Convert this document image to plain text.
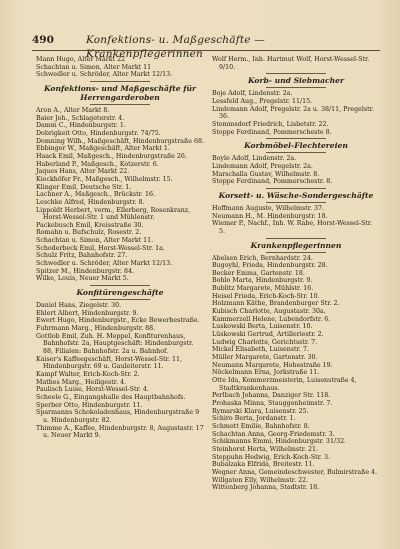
490	Konfektions- u. Maßgeschäfte — Krankenpflegerinnen
Mann Hugo, Alter Markt 22
Schachtan u. Simon, Alter Markt 11
Schwedler u. Schröder, Alter Markt 12/13.
Konfektions- und Maßgeschäfte für Herrengarderoben
Aron A., Alter Markt 8.
Baier Joh., Schlageterstr. 4.
Damm C., Hindenburgstr. 1.
Dobrigkeit Otto, Hindenburgstr. 74/75.
Domning Wilh., Maßgeschäft, Hindenburgstraße 68.
Ebbinger W., Maßgeschäft, Alter Markt 1.
Haack Emil, Maßgesch., Hindenburgstraße 26.
Haberland P., Maßgesch., Kotzerstr. 6.
Jaques Hans, Alter Markt 22.
Kieckhöfer Fr., Maßgesch., Wilhelmstr. 15.
Klinger Emil, Deutsche Str. 1.
Lachner A., Maßgesch., Brückstr. 16.
Leschke Alfred, Hindenburgstr. 8.
Lippoldt Herbert, verm., Ellerberg, Rosenkranz, Horst-Wessel-Str. 1 und Mühlenstr.
Packebusch Emil, Kreisstraße 30.
Romahn u. Bufschulz, Rosestr. 2.
Schachtan u. Simon, Alter Markt 11.
Schoderbeck Emil, Horst-Wessel-Str. 1a.
Schulz Fritz, Bahnhofstr. 27.
Schwedler u. Schröder, Alter Markt 12/13.
Spitzer M., Hindenburgstr. 84.
Wilke, Louis, Neuer Markt 5.
Konfitürengeschäfte
Daniel Hans, Ziegelstr. 30.
Ehlert Albert, Hindenburgstr. 9.
Ewert Hugo, Hindenburgstr., Ecke Bewerbestraße.
Fuhrmann Marg., Hindenburgstr. 88.
Gottlob Emil, Zuh. H. Meppel, Konfiturenhaus, Bahnhofstr. 2a, Hauptgeschäft: Hindenburgstr. 88, Filialen: Bahnhofstr. 2a u. Bahnhof.
Kaiser's Kaffeegeschäft, Horst-Wessel-Str. 11, Hindenburgstr. 69 u. Gauleiterstr. 11.
Kampf Walter, Erich-Koch-Str. 2.
Mathes Marg., Heiligestr. 4.
Paulisch Luise, Horst-Wessel-Str. 4.
Scheele G., Eingangshalle des Hauptbahnhofs.
Sperber Otto, Hindenburgstr. 11.
Sparmanns Schokoladenhaus, Hindenburgstraße 9 u. Hindenburgstr. 82.
Thimme A., Kaffee, Hindenburgstr. 8, Augustastr. 17 u. Neuer Markt 9.
Wolf Herm., Inh. Hartmut Wolf, Horst-Wessel-Str. 9/10.
Korb- und Siebmacher
Boje Adolf, Lindenstr. 2a.
Lessfeld Aug., Pregelstr. 11/15.
Lindemann Adolf, Pregelstr. 2a u. 38/11, Pregelstr. 36.
Stemmsdorf Friedrich, Lisbetstr. 22.
Stoppe Ferdinand, Pommerscheste 8.
Korbmöbel-Flechtereien
Boyle Adolf, Lindenstr. 2a.
Lindemann Adolf, Pregelstr. 2a.
Marschalla Gustav, Wilhelmstr. 8.
Stoppe Ferdinand, Pommerschestr. 8.
Korsett- u. Wäsche-Sondergeschäfte
Hoffmann Auguste, Wilhelmstr. 37.
Neumann H., M. Hindenburgstr. 18.
Wiemer P., Nachf., Inh. W. Rabe, Horst-Wessel-Str. 5.
Krankenpflegerinnen
Abelsen Erich, Bernhardstr. 24.
Bugoyhl, Frieda, Hindenburgstr. 28.
Becker Emma, Gartenstr. 18.
Bohlo Marta, Hindenburgstr. 9.
Bublitz Margarete, Mühlstr. 16.
Heisel Frieda, Erich-Koch-Str. 10.
Holzmann Käthe, Brandenburger Str. 2.
Kubisch Charlotte, Augustastr. 30a.
Kammerzell Helene, Lubendorfstr. 6.
Luskowski Berta, Luisenstr. 10.
Lüskowski Gertrud, Artilleriestr. 2.
Ludwig Charlotte, Gerichtsstr. 7.
Mickel Elisabeth, Luisenstr. 7.
Müller Margarete, Gartenstr. 30.
Neumann Margarete, Hohestraße 19.
Nöckelmann Erna, Jorkstraße 11.
Otte Ida, Kommerzmeisterin, Luisenstraße 4, Stadtkrankenhaus.
Perlbach Johanna, Danziger Str. 118.
Prohaska Minna, Stauggenheimstr. 7.
Rymarski Klara, Luisenstr. 25.
Schiro Berta, Jordanstr. 1.
Schmott Emilie, Bahnhofstr. 8.
Schachtan Anna, Georg-Friedemstr. 3.
Schikmanns Emmi, Hindenburgstr. 31/32.
Steinhorst Herta, Wilhelmstr. 21.
Steppuhn Hedwig, Erich-Koch-Str. 3.
Bubalzaka Elfrida, Breitestr. 11.
Wegner Anna, Gemeindeschwester, Bulmirstraße 4.
Willgaten Elly, Wilhelmstr. 22.
Wittenberg Johanna, Stadtstr. 18.
